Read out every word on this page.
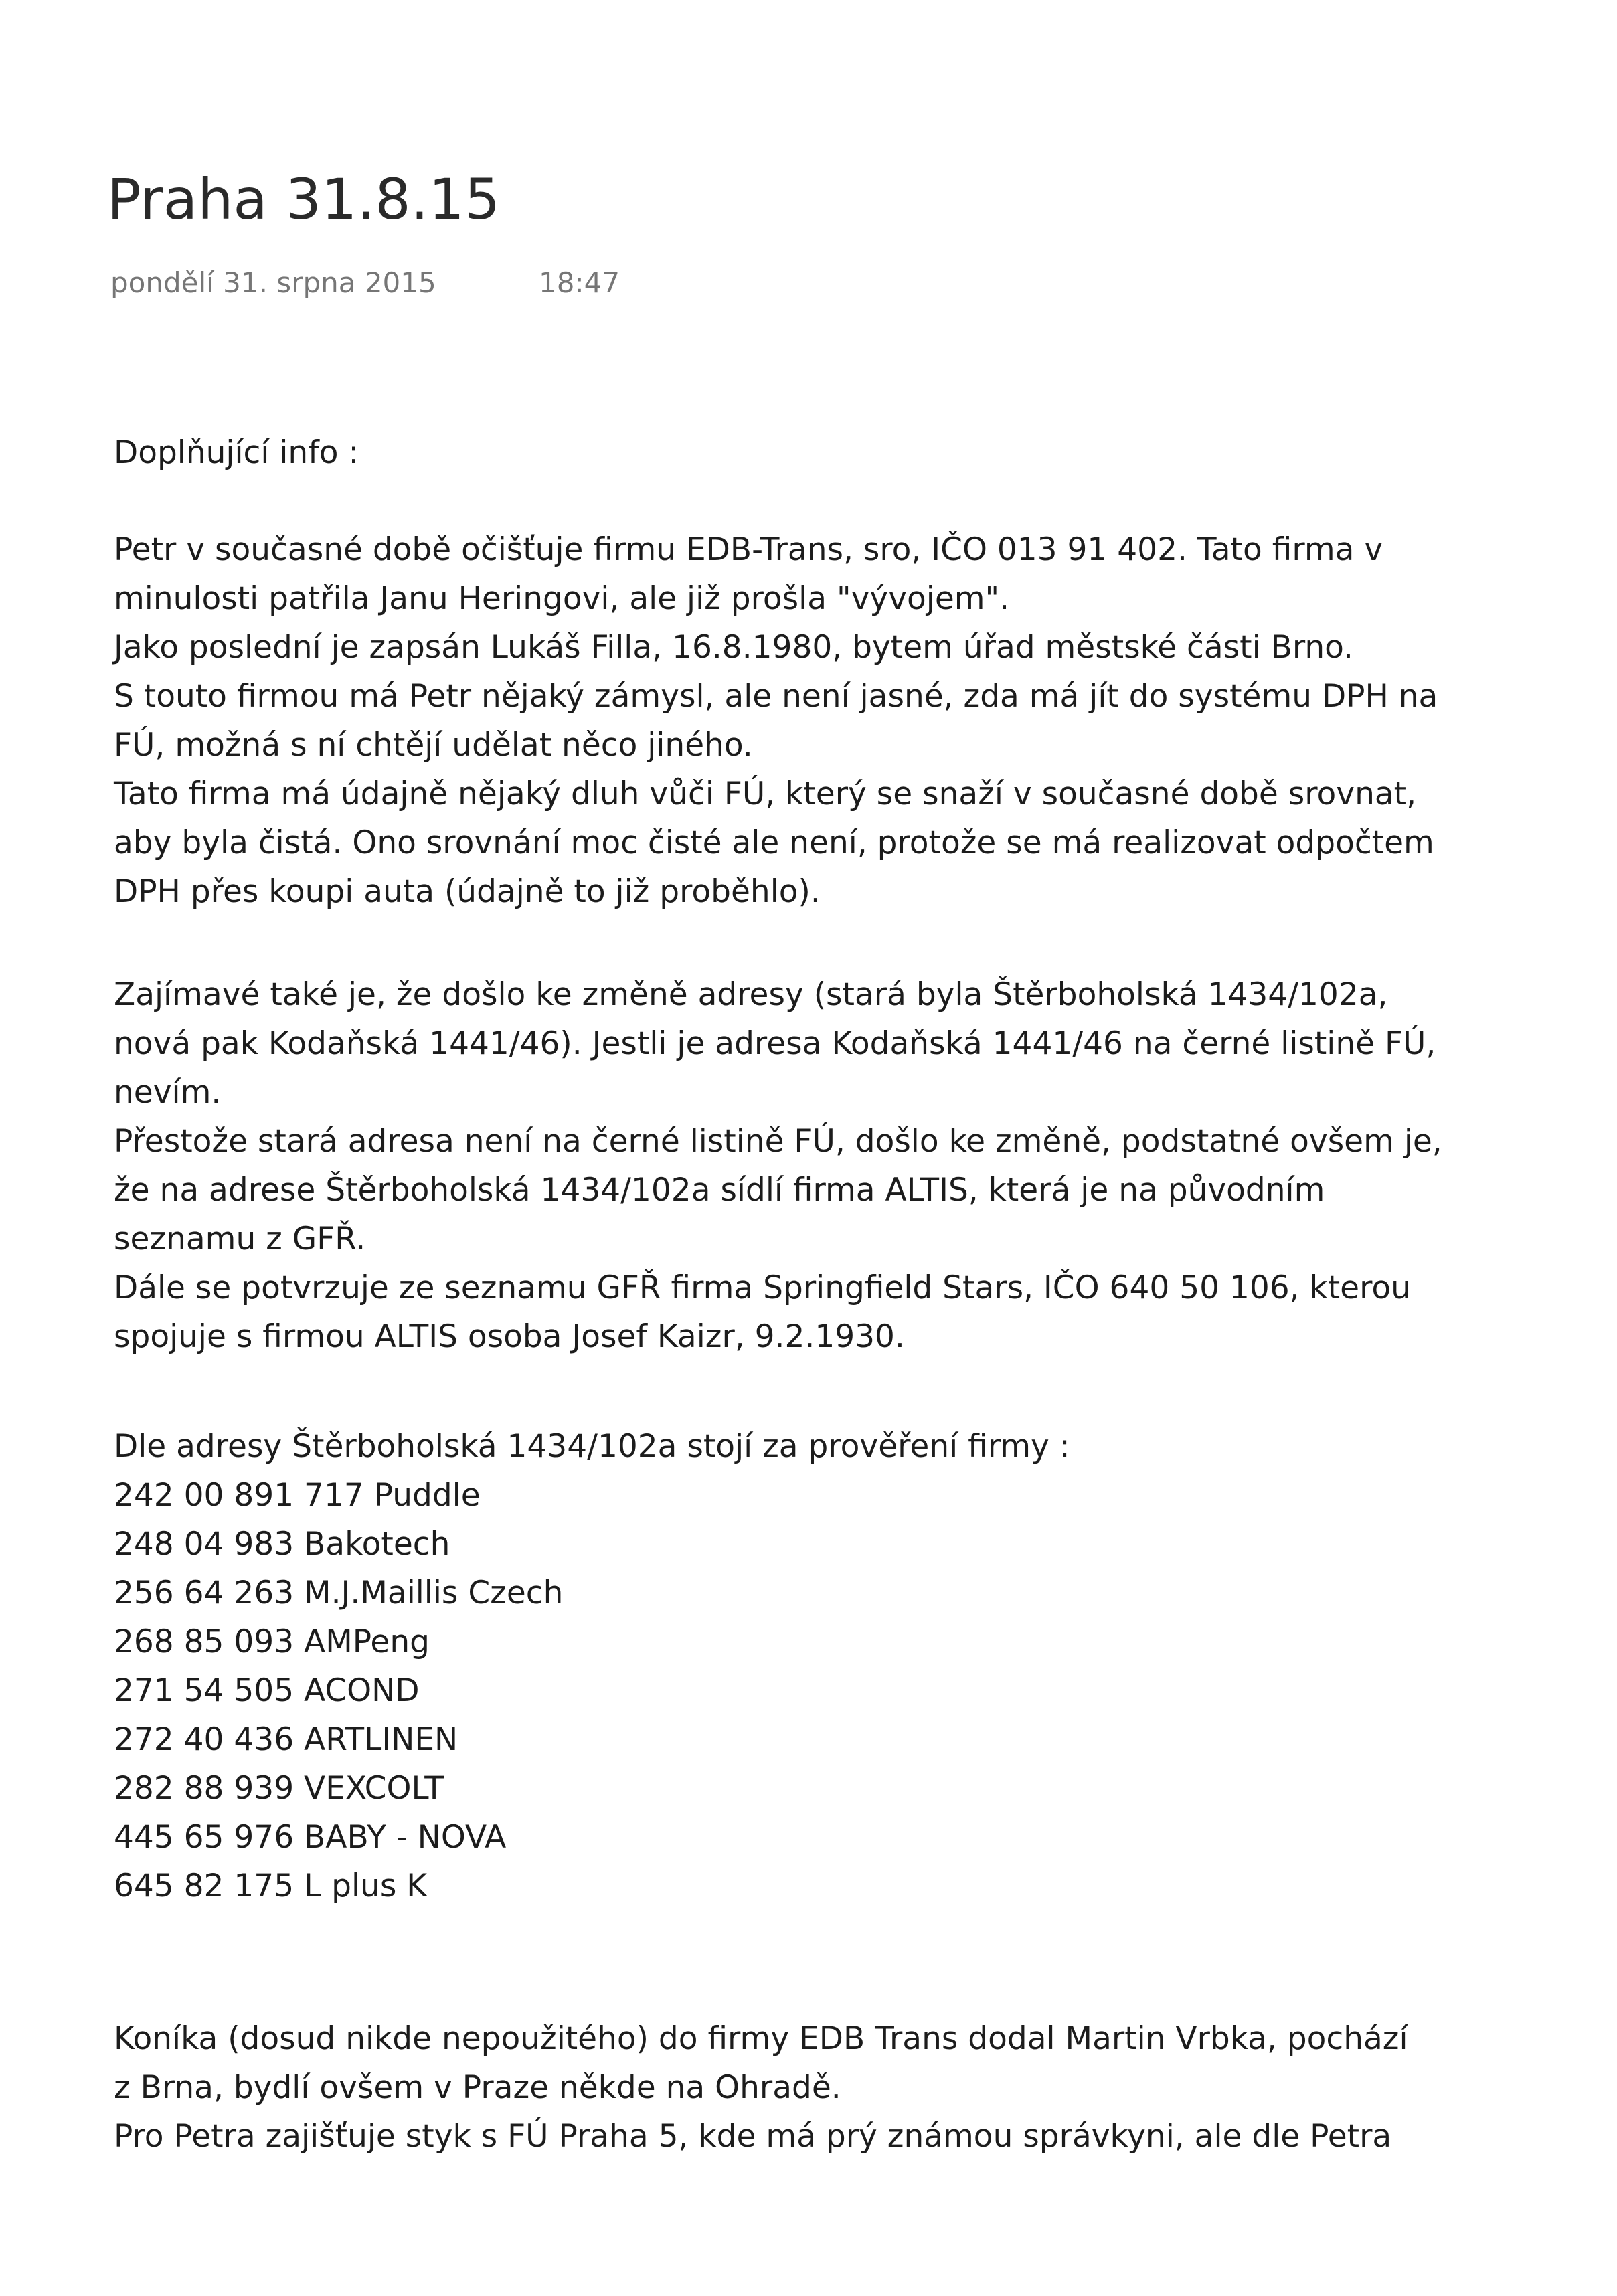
Praha 31.8.15
pondělí 31. srpna 2015	18:47
Doplňující info :
Petr v současné době očišťuje firmu EDB-Trans, sro, IČO 013 91 402. Tato firma v
minulosti patřila Janu Heringovi, ale již prošla "vývojem".
Jako poslední je zapsán Lukáš Filla, 16.8.1980, bytem úřad městské části Brno.
S touto firmou má Petr nějaký zámysl, ale není jasné, zda má jít do systému DPH na
FÚ, možná s ní chtějí udělat něco jiného.
Tato firma má údajně nějaký dluh vůči FÚ, který se snaží v současné době srovnat,
aby byla čistá. Ono srovnání moc čisté ale není, protože se má realizovat odpočtem
DPH přes koupi auta (údajně to již proběhlo).
Zajímavé také je, že došlo ke změně adresy (stará byla Štěrboholská 1434/102a,
nová pak Kodaňská 1441/46). Jestli je adresa Kodaňská 1441/46 na černé listině FÚ,
nevím.
Přestože stará adresa není na černé listině FÚ, došlo ke změně, podstatné ovšem je,
že na adrese Štěrboholská 1434/102a sídlí firma ALTIS, která je na původním
seznamu z GFŘ.
Dále se potvrzuje ze seznamu GFŘ firma Springfield Stars, IČO 640 50 106, kterou
spojuje s firmou ALTIS osoba Josef Kaizr, 9.2.1930.
Dle adresy Štěrboholská 1434/102a stojí za prověření firmy :
242 00 891 717 Puddle
248 04 983 Bakotech
256 64 263 M.J.Maillis Czech
268 85 093 AMPeng
271 54 505 ACOND
272 40 436 ARTLINEN
282 88 939 VEXCOLT
445 65 976 BABY - NOVA
645 82 175 L plus K
Koníka (dosud nikde nepoužitého) do firmy EDB Trans dodal Martin Vrbka, pochází
z Brna, bydlí ovšem v Praze někde na Ohradě.
Pro Petra zajišťuje styk s FÚ Praha 5, kde má prý známou správkyni, ale dle Petra
